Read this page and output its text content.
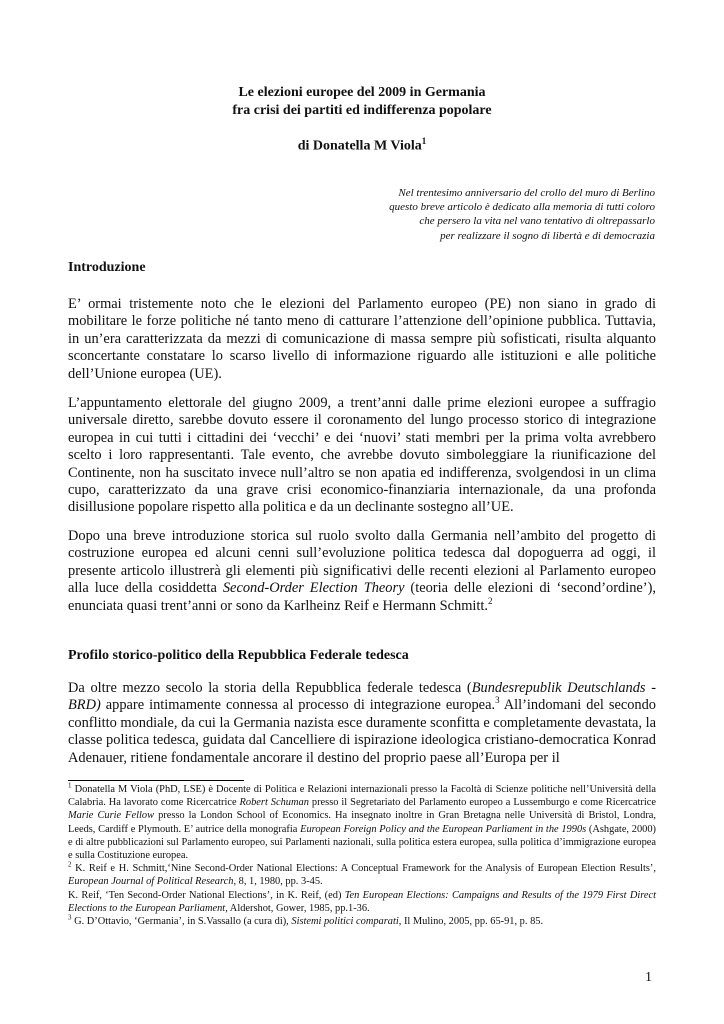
Le elezioni europee del 2009 in Germania
fra crisi dei partiti ed indifferenza popolare
di Donatella M Viola$^1$
Nel trentesimo anniversario del crollo del muro di Berlino
questo breve articolo è dedicato alla memoria di tutti coloro
che persero la vita nel vano tentativo di oltrepassarlo
per realizzare il sogno di libertà e di democrazia
Introduzione
E’ ormai tristemente noto che le elezioni del Parlamento europeo (PE) non siano in grado di mobilitare le forze politiche né tanto meno di catturare l’attenzione dell’opinione pubblica. Tuttavia, in un’era caratterizzata da mezzi di comunicazione di massa sempre più sofisticati, risulta alquanto sconcertante constatare lo scarso livello di informazione riguardo alle istituzioni e alle politiche dell’Unione europea (UE).
L’appuntamento elettorale del giugno 2009, a trent’anni dalle prime elezioni europee a suffragio universale diretto, sarebbe dovuto essere il coronamento del lungo processo storico di integrazione europea in cui tutti i cittadini dei ‘vecchi’ e dei ‘nuovi’ stati membri per la prima volta avrebbero scelto i loro rappresentanti. Tale evento, che avrebbe dovuto simboleggiare la riunificazione del Continente, non ha suscitato invece null’altro se non apatia ed indifferenza, svolgendosi in un clima cupo, caratterizzato da una grave crisi economico-finanziaria internazionale, da una profonda disillusione popolare rispetto alla politica e da un declinante sostegno all’UE.
Dopo una breve introduzione storica sul ruolo svolto dalla Germania nell’ambito del progetto di costruzione europea ed alcuni cenni sull’evoluzione politica tedesca dal dopoguerra ad oggi, il presente articolo illustrerà gli elementi più significativi delle recenti elezioni al Parlamento europeo alla luce della cosiddetta Second-Order Election Theory (teoria delle elezioni di ‘second’ordine’), enunciata quasi trent’anni or sono da Karlheinz Reif e Hermann Schmitt.$^2$
Profilo storico-politico della Repubblica Federale tedesca
Da oltre mezzo secolo la storia della Repubblica federale tedesca (Bundesrepublik Deutschlands - BRD) appare intimamente connessa al processo di integrazione europea.$^3$ All’indomani del secondo conflitto mondiale, da cui la Germania nazista esce duramente sconfitta e completamente devastata, la classe politica tedesca, guidata dal Cancelliere di ispirazione ideologica cristiano-democratica Konrad Adenauer, ritiene fondamentale ancorare il destino del proprio paese all’Europa per il

$^1$ Donatella M Viola (PhD, LSE) è Docente di Politica e Relazioni internazionali presso la Facoltà di Scienze politiche nell’Università della Calabria. Ha lavorato come Ricercatrice Robert Schuman presso il Segretariato del Parlamento europeo a Lussemburgo e come Ricercatrice Marie Curie Fellow presso la London School of Economics. Ha insegnato inoltre in Gran Bretagna nelle Università di Bristol, Londra, Leeds, Cardiff e Plymouth. E’ autrice della monografia European Foreign Policy and the European Parliament in the 1990s (Ashgate, 2000) e di altre pubblicazioni sul Parlamento europeo, sui Parlamenti nazionali, sulla politica estera europea, sulla politica d’immigrazione europea e sulla Costituzione europea.

$^2$ K. Reif e H. Schmitt,‘Nine Second-Order National Elections: A Conceptual Framework for the Analysis of European Election Results’, European Journal of Political Research, 8, 1, 1980, pp. 3-45.

K. Reif, ‘Ten Second-Order National Elections’, in K. Reif, (ed) Ten European Elections: Campaigns and Results of the 1979 First Direct Elections to the European Parliament, Aldershot, Gower, 1985, pp.1-36.

$^3$ G. D’Ottavio, ‘Germania’, in S.Vassallo (a cura di), Sistemi politici comparati, Il Mulino, 2005, pp. 65-91, p. 85.

1
